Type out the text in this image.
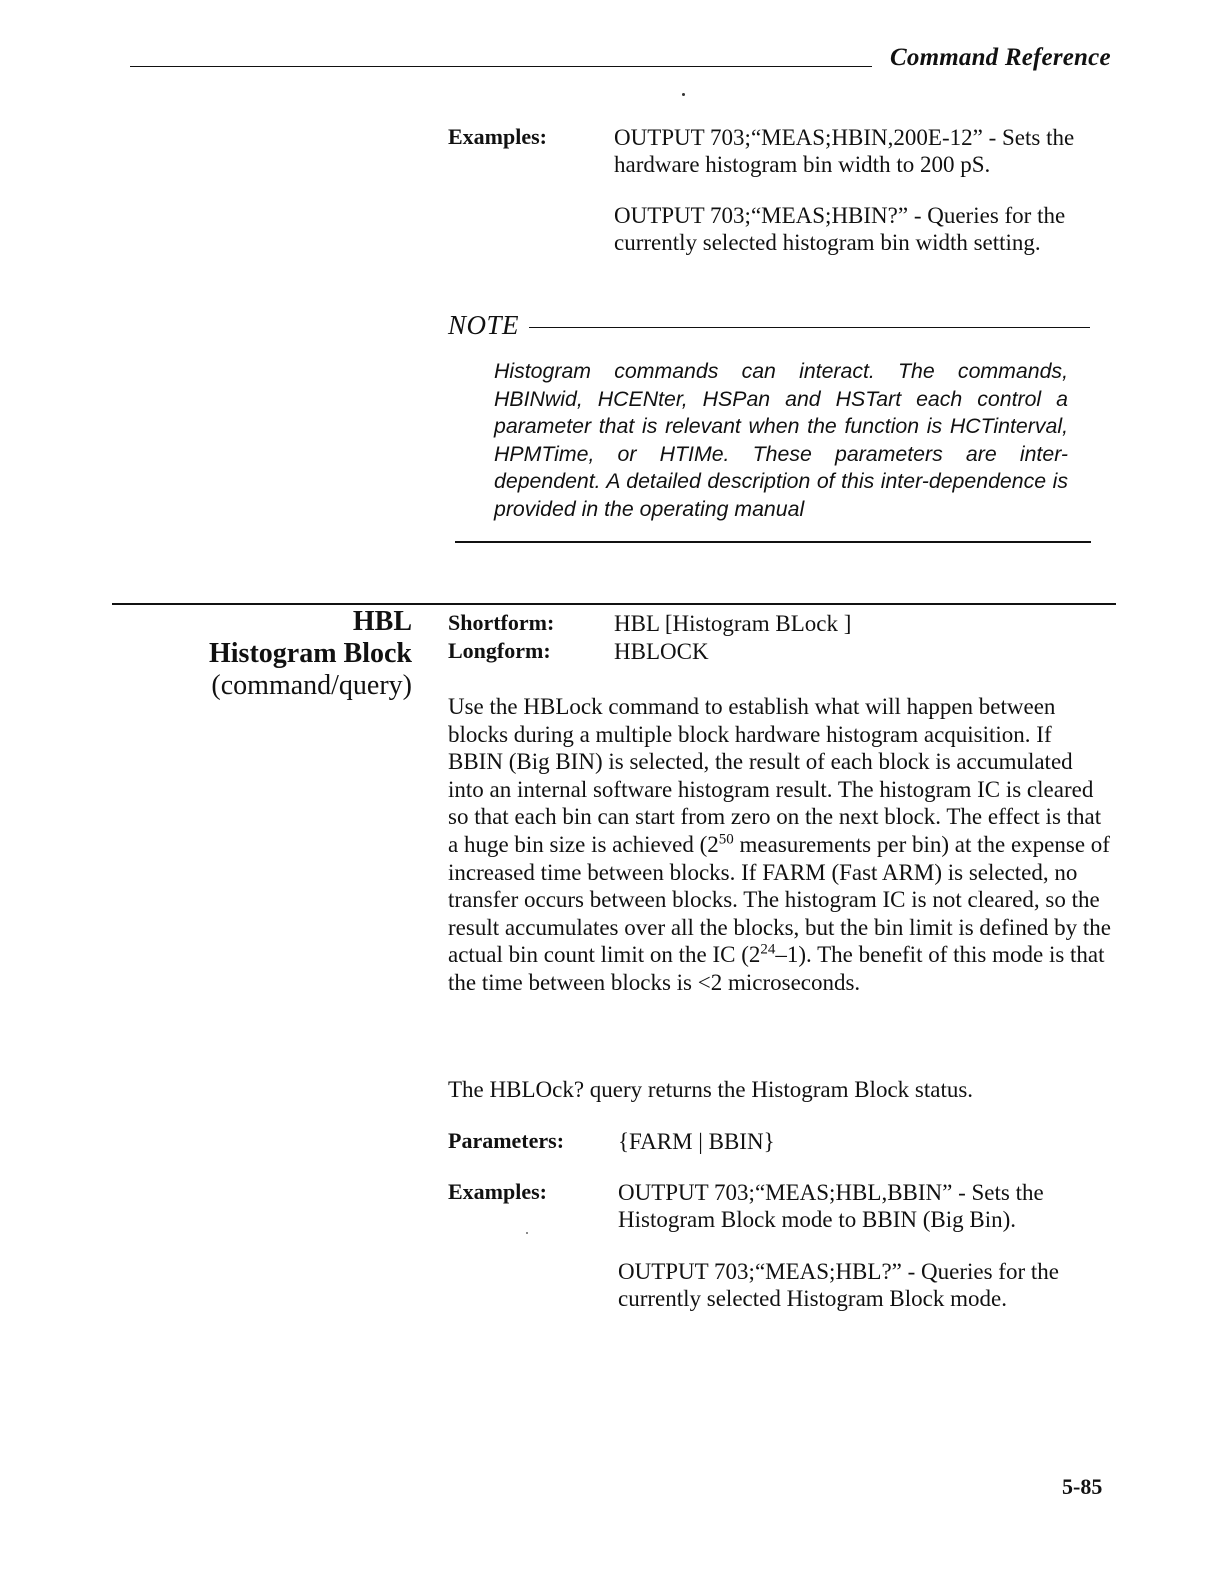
Command Reference
Examples:	OUTPUT 703;“MEAS;HBIN,200E-12” - Sets the hardware histogram bin width to 200 pS.
OUTPUT 703;“MEAS;HBIN?” - Queries for the currently selected histogram bin width setting.
NOTE
Histogram commands can interact. The commands, HBINwid, HCENter, HSPan and HSTart each control a parameter that is relevant when the function is HCTinterval, HPMTime, or HTIMe. These parameters are inter-dependent. A detailed description of this inter-dependence is provided in the operating manual
HBL
Histogram Block
(command/query)
Shortform:	HBL [Histogram BLock ]
Longform:	HBLOCK
Use the HBLock command to establish what will happen between blocks during a multiple block hardware histogram acquisition. If BBIN (Big BIN) is selected, the result of each block is accumulated into an internal software histogram result. The histogram IC is cleared so that each bin can start from zero on the next block. The effect is that a huge bin size is achieved ($2^{50}$ measurements per bin) at the expense of increased time between blocks. If FARM (Fast ARM) is selected, no transfer occurs between blocks. The histogram IC is not cleared, so the result accumulates over all the blocks, but the bin limit is defined by the actual bin count limit on the IC $(2^{24}-1)$. The benefit of this mode is that the time between blocks is <2 microseconds.
The HBLOck? query returns the Histogram Block status.
Parameters: {FARM | BBIN}
Examples:	OUTPUT 703;“MEAS;HBL,BBIN” - Sets the Histogram Block mode to BBIN (Big Bin).
OUTPUT 703;“MEAS;HBL?” - Queries for the currently selected Histogram Block mode.
5-85
